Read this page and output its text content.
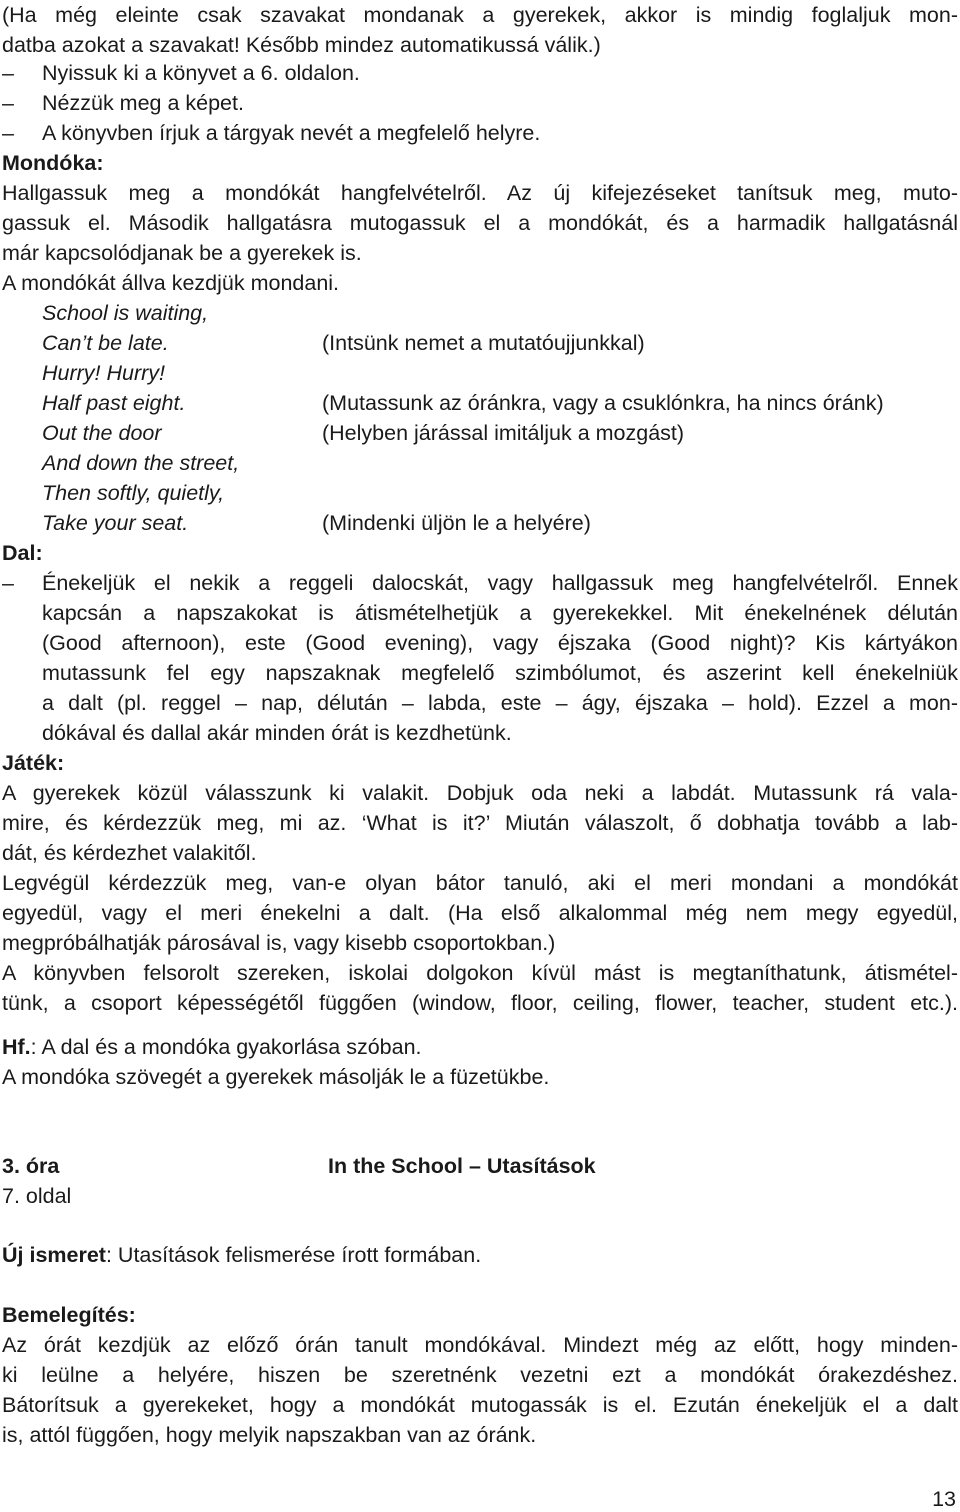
(Ha még eleinte csak szavakat mondanak a gyerekek, akkor is mindig foglaljuk mon-
datba azokat a szavakat! Később mindez automatikussá válik.)
– Nyissuk ki a könyvet a 6. oldalon.
– Nézzük meg a képet.
– A könyvben írjuk a tárgyak nevét a megfelelő helyre.
Mondóka:
Hallgassuk meg a mondókát hangfelvételről. Az új kifejezéseket tanítsuk meg, muto-
gassuk el. Második hallgatásra mutogassuk el a mondókát, és a harmadik hallgatásnál
már kapcsolódjanak be a gyerekek is.
A mondókát állva kezdjük mondani.
School is waiting,
Can’t be late.	(Intsünk nemet a mutatóujjunkkal)
Hurry! Hurry!
Half past eight.	(Mutassunk az óránkra, vagy a csuklónkra, ha nincs óránk)
Out the door	(Helyben járással imitáljuk a mozgást)
And down the street,
Then softly, quietly,
Take your seat.	(Mindenki üljön le a helyére)
Dal:
– Énekeljük el nekik a reggeli dalocskát, vagy hallgassuk meg hangfelvételről. Ennek
kapcsán a napszakokat is átismételhetjük a gyerekekkel. Mit énekelnének délután
(Good afternoon), este (Good evening), vagy éjszaka (Good night)? Kis kártyákon
mutassunk fel egy napszaknak megfelelő szimbólumot, és aszerint kell énekelniük
a dalt (pl. reggel – nap, délután – labda, este – ágy, éjszaka – hold). Ezzel a mon-
dókával és dallal akár minden órát is kezdhetünk.
Játék:
A gyerekek közül válasszunk ki valakit. Dobjuk oda neki a labdát. Mutassunk rá vala-
mire, és kérdezzük meg, mi az. ‘What is it?’ Miután válaszolt, ő dobhatja tovább a lab-
dát, és kérdezhet valakitől.
Legvégül kérdezzük meg, van-e olyan bátor tanuló, aki el meri mondani a mondókát
egyedül, vagy el meri énekelni a dalt. (Ha első alkalommal még nem megy egyedül,
megpróbálhatják párosával is, vagy kisebb csoportokban.)
A könyvben felsorolt szereken, iskolai dolgokon kívül mást is megtaníthatunk, átismétel-
tünk, a csoport képességétől függően (window, floor, ceiling, flower, teacher, student etc.).
Hf.: A dal és a mondóka gyakorlása szóban.
A mondóka szövegét a gyerekek másolják le a füzetükbe.
3. óra	In the School – Utasítások
7. oldal
Új ismeret: Utasítások felismerése írott formában.
Bemelegítés:
Az órát kezdjük az előző órán tanult mondókával. Mindezt még az előtt, hogy minden-
ki leülne a helyére, hiszen be szeretnénk vezetni ezt a mondókát órakezdéshez.
Bátorítsuk a gyerekeket, hogy a mondókát mutogassák is el. Ezután énekeljük el a dalt
is, attól függően, hogy melyik napszakban van az óránk.
13
